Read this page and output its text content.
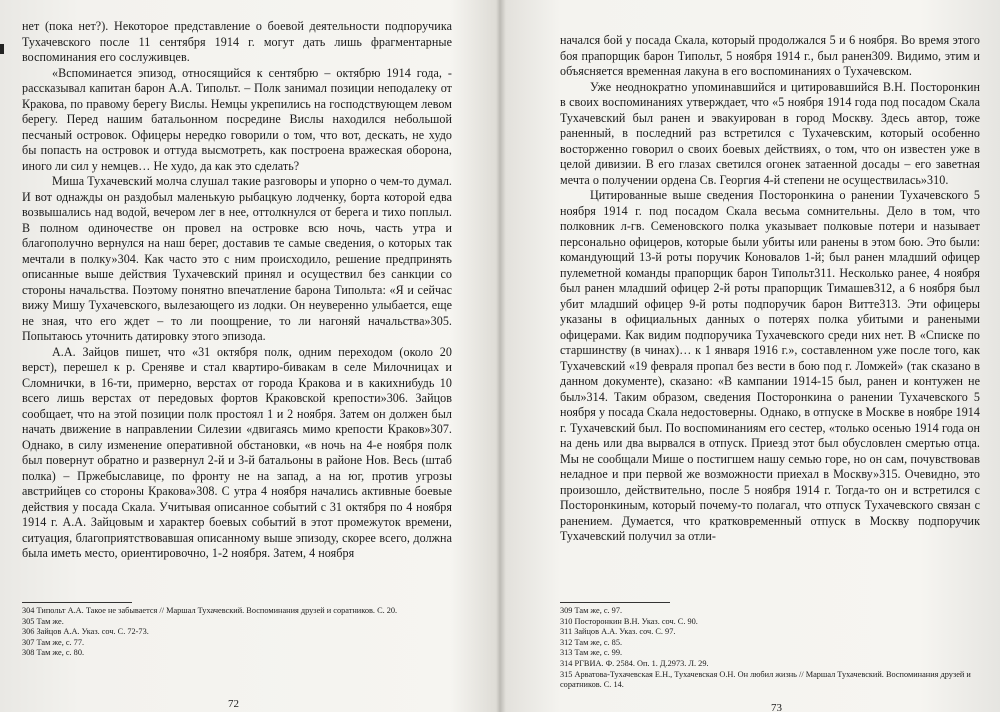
нет (пока нет?). Некоторое представление о боевой деятельности подпоручика Тухачевского после 11 сентября 1914 г. могут дать лишь фрагментарные воспоминания его сослуживцев.

«Вспоминается эпизод, относящийся к сентябрю – октябрю 1914 года, - рассказывал капитан барон А.А. Типольт. – Полк занимал позиции неподалеку от Кракова, по правому берегу Вислы. Немцы укрепились на господствующем левом берегу. Перед нашим батальонном посредине Вислы находился небольшой песчаный островок. Офицеры нередко говорили о том, что вот, дескать, не худо бы попасть на островок и оттуда высмотреть, как построена вражеская оборона, иного ли сил у немцев… Не худо, да как это сделать?

Миша Тухачевский молча слушал такие разговоры и упорно о чем-то думал. И вот однажды он раздобыл маленькую рыбацкую лодченку, борта которой едва возвышались над водой, вечером лег в нее, оттолкнулся от берега и тихо поплыл. В полном одиночестве он провел на островке всю ночь, часть утра и благополучно вернулся на наш берег, доставив те самые сведения, о которых так мечтали в полку»304. Как часто это с ним происходило, решение предпринять описанные выше действия Тухачевский принял и осуществил без санкции со стороны начальства. Поэтому понятно впечатление барона Типольта: «Я и сейчас вижу Мишу Тухачевского, вылезающего из лодки. Он неуверенно улыбается, еще не зная, что его ждет – то ли поощрение, то ли нагоняй начальства»305. Попытаюсь уточнить датировку этого эпизода.

А.А. Зайцов пишет, что «31 октября полк, одним переходом (около 20 верст), перешел к р. Среняве и стал квартиро-бивакам в селе Милочницах и Сломнички, в 16-ти, примерно, верстах от города Кракова и в какихнибудь 10 всего лишь верстах от передовых фортов Краковской крепости»306. Зайцов сообщает, что на этой позиции полк простоял 1 и 2 ноября. Затем он должен был начать движение в направлении Силезии «двигаясь мимо крепости Краков»307. Однако, в силу изменение оперативной обстановки, «в ночь на 4-е ноября полк был повернут обратно и развернул 2-й и 3-й батальоны в районе Нов. Весь (штаб полка) – Пржебыславице, по фронту не на запад, а на юг, против угрозы австрийцев со стороны Кракова»308. С утра 4 ноября начались активные боевые действия у посада Скала. Учитывая описанное событий с 31 октября по 4 ноября 1914 г. А.А. Зайцовым и характер боевых событий в этот промежуток времени, ситуация, благоприятствовавшая описанному выше эпизоду, скорее всего, должна была иметь место, ориентировочно, 1-2 ноября. Затем, 4 ноября

304 Типольт А.А. Такое не забывается // Маршал Тухачевский. Воспоминания друзей и соратников. С. 20.

305 Там же.

306 Зайцов А.А. Указ. соч. С. 72-73.

307 Там же, с. 77.

308 Там же, с. 80.

72

начался бой у посада Скала, который продолжался 5 и 6 ноября. Во время этого боя прапорщик барон Типольт, 5 ноября 1914 г., был ранен309. Видимо, этим и объясняется временная лакуна в его воспоминаниях о Тухачевском.

Уже неоднократно упоминавшийся и цитировавшийся В.Н. Посторонкин в своих воспоминаниях утверждает, что «5 ноября 1914 года под посадом Скала Тухачевский был ранен и эвакуирован в город Москву. Здесь автор, тоже раненный, в последний раз встретился с Тухачевским, который особенно восторженно говорил о своих боевых действиях, о том, что он известен уже в целой дивизии. В его глазах светился огонек затаенной досады – его заветная мечта о получении ордена Св. Георгия 4-й степени не осуществилась»310.

Цитированные выше сведения Посторонкина о ранении Тухачевского 5 ноября 1914 г. под посадом Скала весьма сомнительны. Дело в том, что полковник л-гв. Семеновского полка указывает полковые потери и называет персонально офицеров, которые были убиты или ранены в этом бою. Это были: командующий 13-й роты поручик Коновалов 1-й; был ранен младший офицер пулеметной команды прапорщик барон Типольт311. Несколько ранее, 4 ноября был ранен младший офицер 2-й роты прапорщик Тимашев312, а 6 ноября был убит младший офицер 9-й роты подпоручик барон Витте313. Эти офицеры указаны в официальных данных о потерях полка убитыми и ранеными офицерами. Как видим подпоручика Тухачевского среди них нет. В «Списке по старшинству (в чинах)… к 1 января 1916 г.», составленном уже после того, как Тухачевский «19 февраля пропал без вести в бою под г. Ломжей» (так сказано в данном документе), сказано: «В кампании 1914-15 был, ранен и контужен не был»314. Таким образом, сведения Посторонкина о ранении Тухачевского 5 ноября у посада Скала недостоверны. Однако, в отпуске в Москве в ноябре 1914 г. Тухачевский был. По воспоминаниям его сестер, «только осенью 1914 года он на день или два вырвался в отпуск. Приезд этот был обусловлен смертью отца. Мы не сообщали Мише о постигшем нашу семью горе, но он сам, почувствовав неладное и при первой же возможности приехал в Москву»315. Очевидно, это произошло, действительно, после 5 ноября 1914 г. Тогда-то он и встретился с Посторонкиным, который почему-то полагал, что отпуск Тухачевского связан с ранением. Думается, что кратковременный отпуск в Москву подпоручик Тухачевский получил за отли-

309 Там же, с. 97.

310 Посторонкин В.Н. Указ. соч. С. 90.

311 Зайцов А.А. Указ. соч. С. 97.

312 Там же, с. 85.

313 Там же, с. 99.

314 РГВИА. Ф. 2584. Оп. 1. Д.2973. Л. 29.

315 Арватова-Тухачевская Е.Н., Тухачевская О.Н. Он любил жизнь // Маршал Тухачевский. Воспоминания друзей и соратников. С. 14.

73
